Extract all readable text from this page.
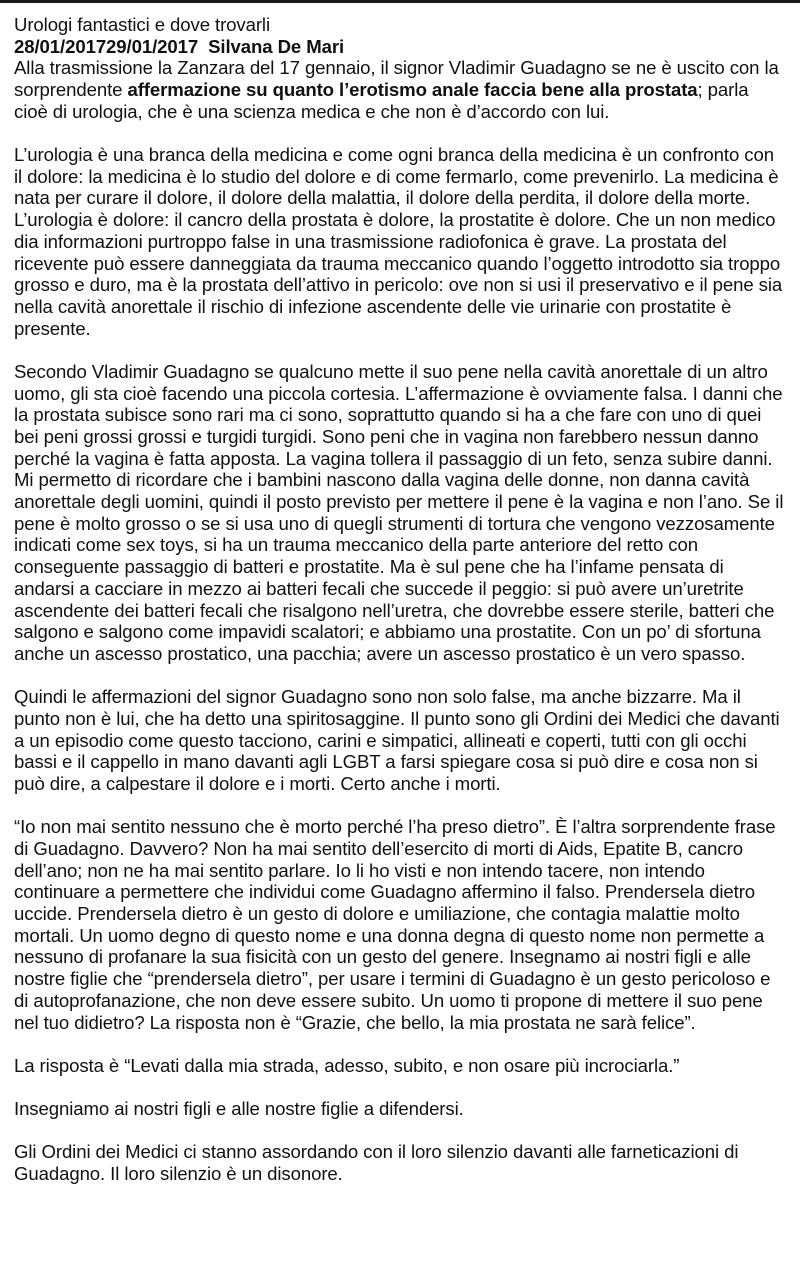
Urologi fantastici e dove trovarli

28/01/201729/01/2017 Silvana De Mari

Alla trasmissione la Zanzara del 17 gennaio, il signor Vladimir Guadagno se ne è uscito con la sorprendente affermazione su quanto l’erotismo anale faccia bene alla prostata; parla cioè di urologia, che è una scienza medica e che non è d’accordo con lui.

L’urologia è una branca della medicina e come ogni branca della medicina è un confronto con il dolore: la medicina è lo studio del dolore e di come fermarlo, come prevenirlo. La medicina è nata per curare il dolore, il dolore della malattia, il dolore della perdita, il dolore della morte. L’urologia è dolore: il cancro della prostata è dolore, la prostatite è dolore. Che un non medico dia informazioni purtroppo false in una trasmissione radiofonica è grave. La prostata del ricevente può essere danneggiata da trauma meccanico quando l’oggetto introdotto sia troppo grosso e duro, ma è la prostata dell’attivo in pericolo: ove non si usi il preservativo e il pene sia nella cavità anorettale il rischio di infezione ascendente delle vie urinarie con prostatite è presente.

Secondo Vladimir Guadagno se qualcuno mette il suo pene nella cavità anorettale di un altro uomo, gli sta cioè facendo una piccola cortesia. L’affermazione è ovviamente falsa. I danni che la prostata subisce sono rari ma ci sono, soprattutto quando si ha a che fare con uno di quei bei peni grossi grossi e turgidi turgidi. Sono peni che in vagina non farebbero nessun danno perché la vagina è fatta apposta. La vagina tollera il passaggio di un feto, senza subire danni. Mi permetto di ricordare che i bambini nascono dalla vagina delle donne, non danna cavità anorettale degli uomini, quindi il posto previsto per mettere il pene è la vagina e non l’ano. Se il pene è molto grosso o se si usa uno di quegli strumenti di tortura che vengono vezzosamente indicati come sex toys, si ha un trauma meccanico della parte anteriore del retto con conseguente passaggio di batteri e prostatite. Ma è sul pene che ha l’infame pensata di andarsi a cacciare in mezzo ai batteri fecali che succede il peggio: si può avere un’uretrite ascendente dei batteri fecali che risalgono nell’uretra, che dovrebbe essere sterile, batteri che salgono e salgono come impavidi scalatori; e abbiamo una prostatite. Con un po’ di sfortuna anche un ascesso prostatico, una pacchia; avere un ascesso prostatico è un vero spasso.

Quindi le affermazioni del signor Guadagno sono non solo false, ma anche bizzarre. Ma il punto non è lui, che ha detto una spiritosaggine. Il punto sono gli Ordini dei Medici che davanti a un episodio come questo tacciono, carini e simpatici, allineati e coperti, tutti con gli occhi bassi e il cappello in mano davanti agli LGBT a farsi spiegare cosa si può dire e cosa non si può dire, a calpestare il dolore e i morti. Certo anche i morti.

“Io non mai sentito nessuno che è morto perché l’ha preso dietro”. È l’altra sorprendente frase di Guadagno. Davvero? Non ha mai sentito dell’esercito di morti di Aids, Epatite B, cancro dell’ano; non ne ha mai sentito parlare. Io li ho visti e non intendo tacere, non intendo continuare a permettere che individui come Guadagno affermino il falso. Prendersela dietro uccide. Prendersela dietro è un gesto di dolore e umiliazione, che contagia malattie molto mortali. Un uomo degno di questo nome e una donna degna di questo nome non permette a nessuno di profanare la sua fisicità con un gesto del genere. Insegnamo ai nostri figli e alle nostre figlie che “prendersela dietro”, per usare i termini di Guadagno è un gesto pericoloso e di autoprofanazione, che non deve essere subito. Un uomo ti propone di mettere il suo pene nel tuo didietro? La risposta non è “Grazie, che bello, la mia prostata ne sarà felice”.

La risposta è “Levati dalla mia strada, adesso, subito, e non osare più incrociarla.”

Insegniamo ai nostri figli e alle nostre figlie a difendersi.

Gli Ordini dei Medici ci stanno assordando con il loro silenzio davanti alle farneticazioni di Guadagno. Il loro silenzio è un disonore.
